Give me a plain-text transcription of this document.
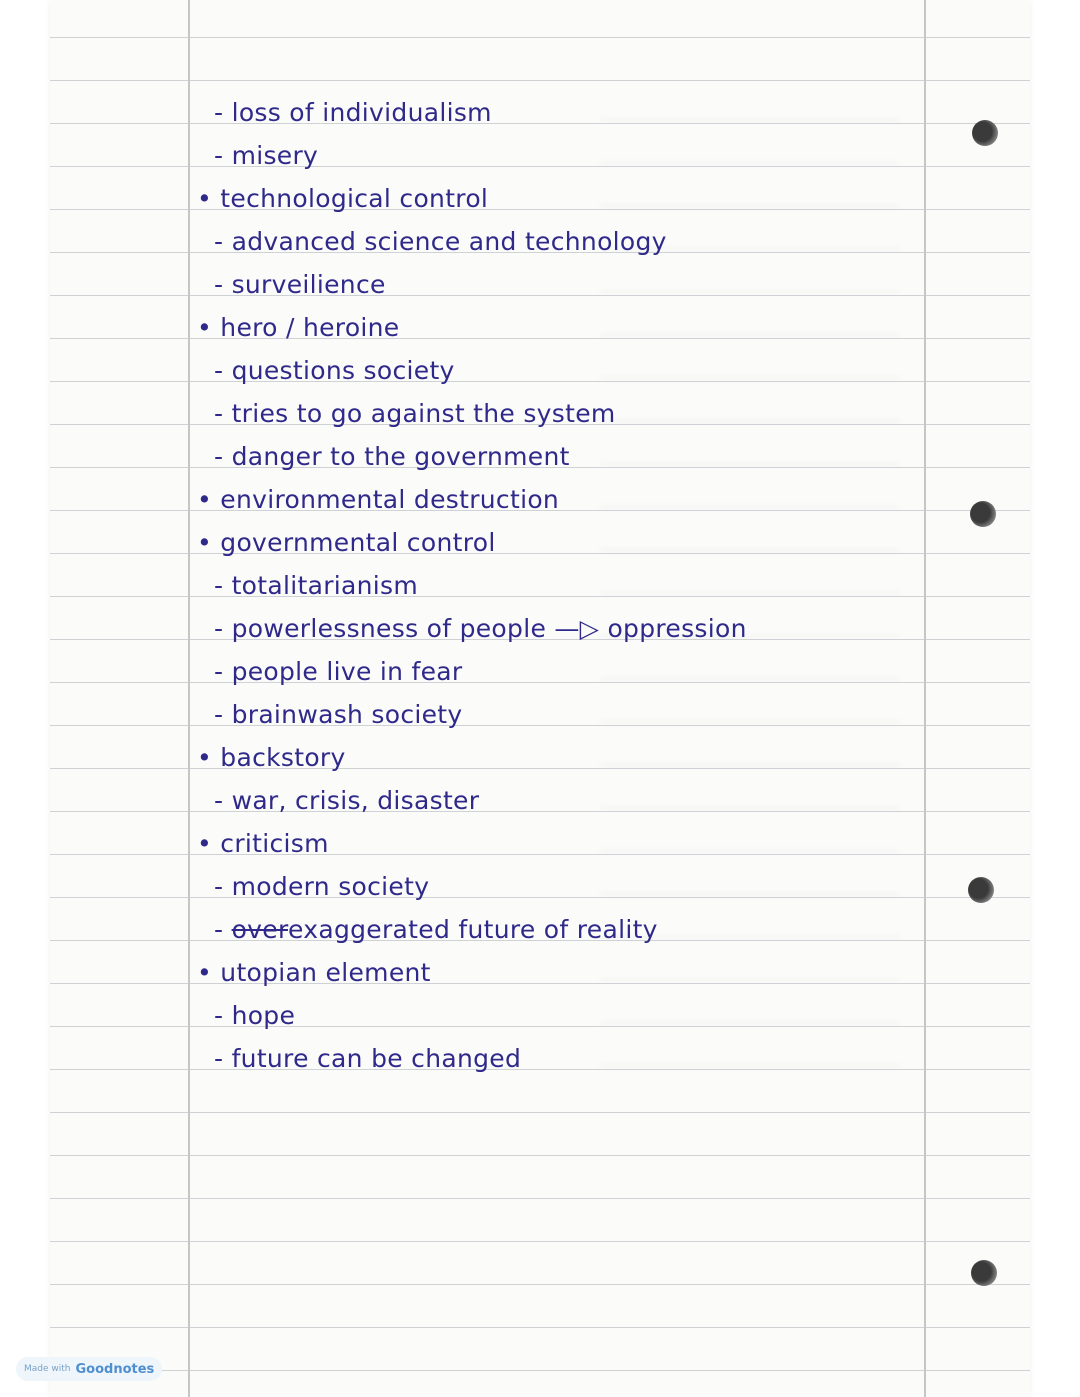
- loss of individualism

- misery

• technological control

- advanced science and technology

- surveilience

• hero / heroine

- questions society

- tries to go against the system

- danger to the government

• environmental destruction

• governmental control

- totalitarianism

- powerlessness of people —▷ oppression

- people live in fear

- brainwash society

• backstory

- war, crisis, disaster

• criticism

- modern society

- overexaggerated future of reality

• utopian element

- hope

- future can be changed

Made with Goodnotes
